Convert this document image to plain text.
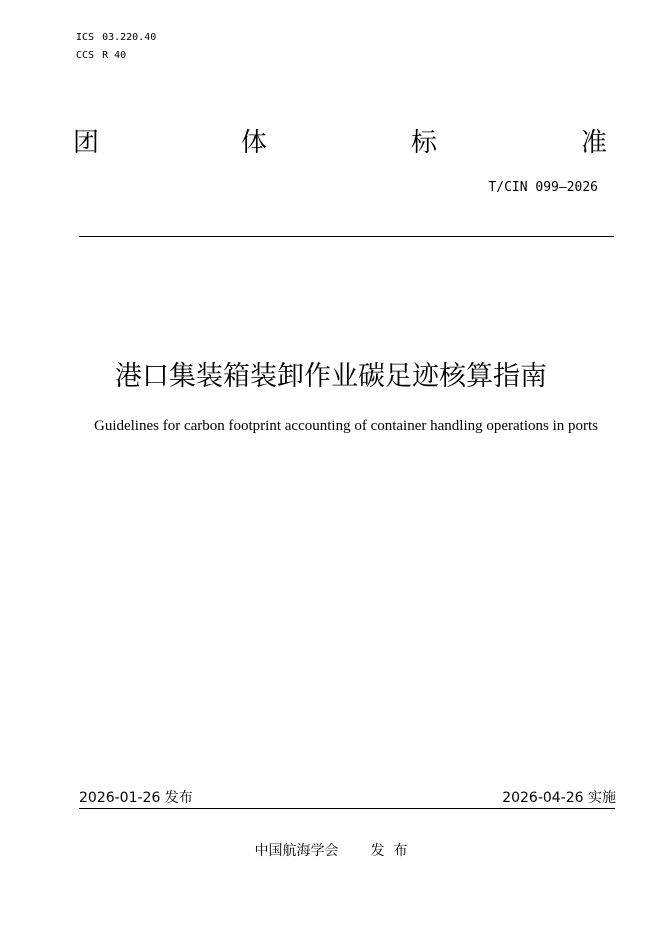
ICS 03.220.40
CCS R 40
团	体	标	准
T/CIN 099—2026
港口集装箱装卸作业碳足迹核算指南
Guidelines for carbon footprint accounting of container handling operations in ports
2026-01-26 发布	2026-04-26 实施
中国航海学会 发 布
